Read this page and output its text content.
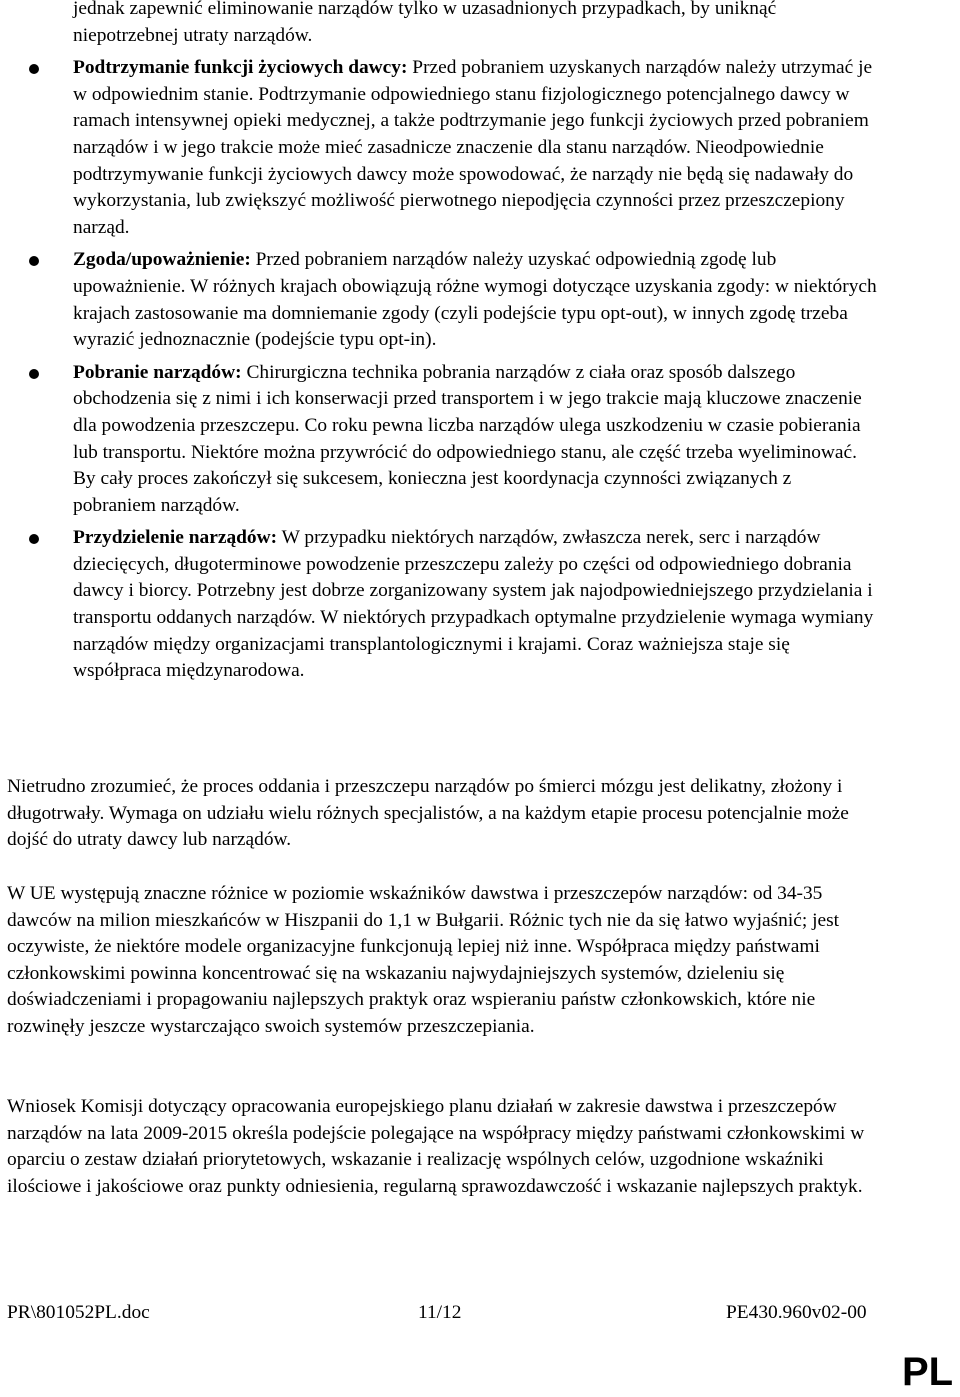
jednak zapewnić eliminowanie narządów tylko w uzasadnionych przypadkach, by uniknąć niepotrzebnej utraty narządów.
Podtrzymanie funkcji życiowych dawcy: Przed pobraniem uzyskanych narządów należy utrzymać je w odpowiednim stanie. Podtrzymanie odpowiedniego stanu fizjologicznego potencjalnego dawcy w ramach intensywnej opieki medycznej, a także podtrzymanie jego funkcji życiowych przed pobraniem narządów i w jego trakcie może mieć zasadnicze znaczenie dla stanu narządów. Nieodpowiednie podtrzymywanie funkcji życiowych dawcy może spowodować, że narządy nie będą się nadawały do wykorzystania, lub zwiększyć możliwość pierwotnego niepodjęcia czynności przez przeszczepiony narząd.
Zgoda/upoważnienie: Przed pobraniem narządów należy uzyskać odpowiednią zgodę lub upoważnienie. W różnych krajach obowiązują różne wymogi dotyczące uzyskania zgody: w niektórych krajach zastosowanie ma domniemanie zgody (czyli podejście typu opt-out), w innych zgodę trzeba wyrazić jednoznacznie (podejście typu opt-in).
Pobranie narządów: Chirurgiczna technika pobrania narządów z ciała oraz sposób dalszego obchodzenia się z nimi i ich konserwacji przed transportem i w jego trakcie mają kluczowe znaczenie dla powodzenia przeszczepu. Co roku pewna liczba narządów ulega uszkodzeniu w czasie pobierania lub transportu. Niektóre można przywrócić do odpowiedniego stanu, ale część trzeba wyeliminować. By cały proces zakończył się sukcesem, konieczna jest koordynacja czynności związanych z pobraniem narządów.
Przydzielenie narządów: W przypadku niektórych narządów, zwłaszcza nerek, serc i narządów dziecięcych, długoterminowe powodzenie przeszczepu zależy po części od odpowiedniego dobrania dawcy i biorcy. Potrzebny jest dobrze zorganizowany system jak najodpowiedniejszego przydzielania i transportu oddanych narządów. W niektórych przypadkach optymalne przydzielenie wymaga wymiany narządów między organizacjami transplantologicznymi i krajami. Coraz ważniejsza staje się współpraca międzynarodowa.

Nietrudno zrozumieć, że proces oddania i przeszczepu narządów po śmierci mózgu jest delikatny, złożony i długotrwały. Wymaga on udziału wielu różnych specjalistów, a na każdym etapie procesu potencjalnie może dojść do utraty dawcy lub narządów.

W UE występują znaczne różnice w poziomie wskaźników dawstwa i przeszczepów narządów: od 34-35 dawców na milion mieszkańców w Hiszpanii do 1,1 w Bułgarii. Różnic tych nie da się łatwo wyjaśnić; jest oczywiste, że niektóre modele organizacyjne funkcjonują lepiej niż inne. Współpraca między państwami członkowskimi powinna koncentrować się na wskazaniu najwydajniejszych systemów, dzieleniu się doświadczeniami i propagowaniu najlepszych praktyk oraz wspieraniu państw członkowskich, które nie rozwinęły jeszcze wystarczająco swoich systemów przeszczepiania.

Wniosek Komisji dotyczący opracowania europejskiego planu działań w zakresie dawstwa i przeszczepów narządów na lata 2009-2015 określa podejście polegające na współpracy między państwami członkowskimi w oparciu o zestaw działań priorytetowych, wskazanie i realizację wspólnych celów, uzgodnione wskaźniki ilościowe i jakościowe oraz punkty odniesienia, regularną sprawozdawczość i wskazanie najlepszych praktyk.

PR\801052PL.doc	11/12	PE430.960v02-00
PL
